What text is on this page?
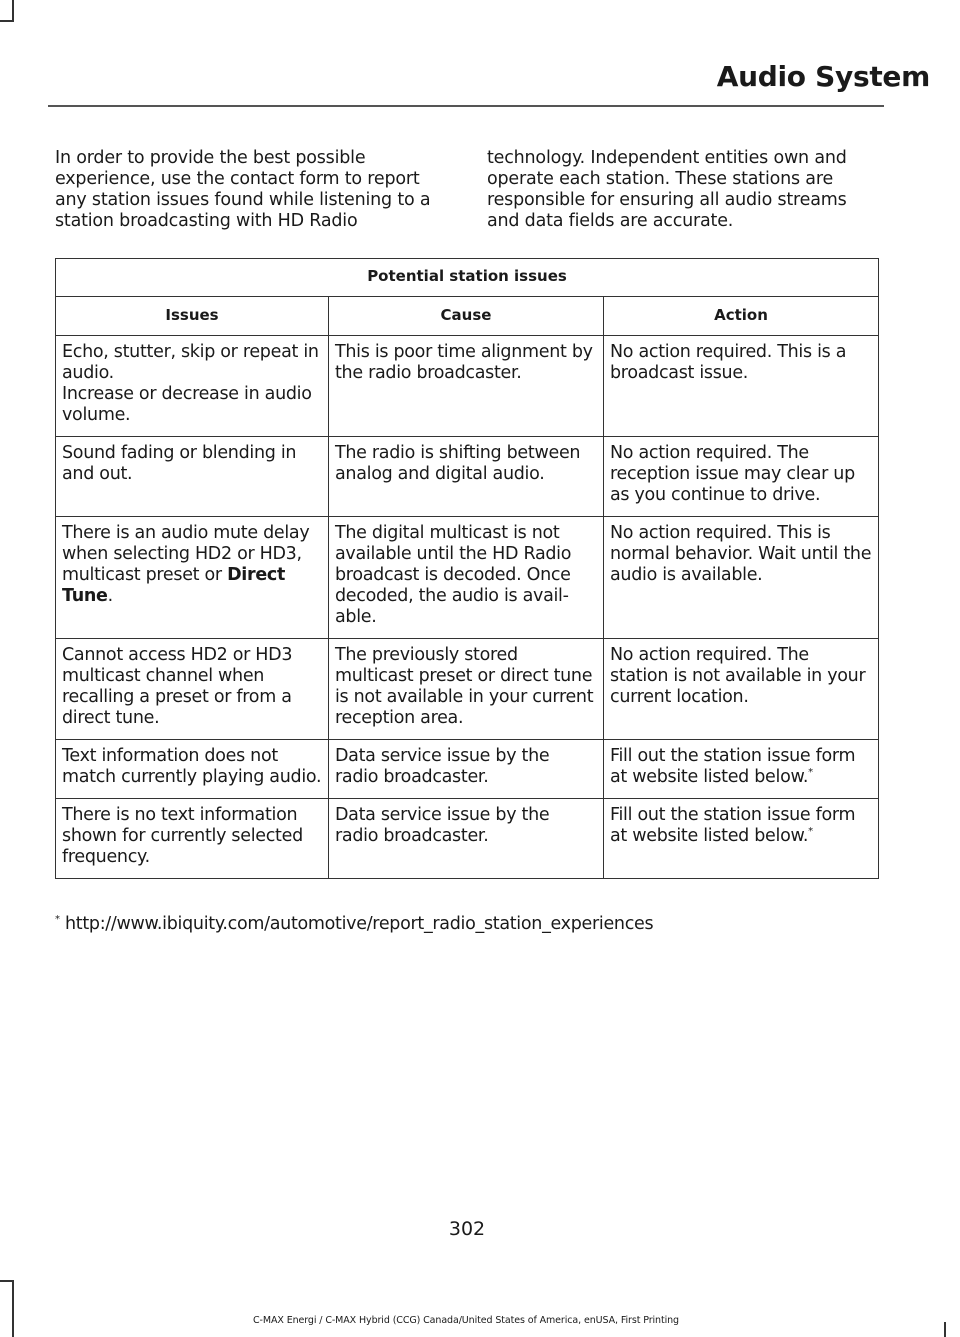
Audio System

In order to provide the best possible experience, use the contact form to report any station issues found while listening to a station broadcasting with HD Radio

technology. Independent entities own and operate each station. These stations are responsible for ensuring all audio streams and data fields are accurate.

Potential station issues		
Issues	Cause	Action

Echo, stutter, skip or repeat in audio.
Increase or decrease in audio volume.	This is poor time alignment by the radio broadcaster.	No action required. This is a broadcast issue.

Sound fading or blending in and out.	The radio is shifting between analog and digital audio.	No action required. The reception issue may clear up as you continue to drive.
There is an audio mute delay when selecting HD2 or HD3, multicast preset or Direct Tune.	The digital multicast is not available until the HD Radio broadcast is decoded. Once decoded, the audio is avail-able.	No action required. This is normal behavior. Wait until the audio is available.

Cannot access HD2 or HD3 multicast channel when recalling a preset or from a direct tune.	The previously stored multicast preset or direct tune is not available in your current reception area.	No action required. The station is not available in your current location.

Text information does not match currently playing audio.	Data service issue by the radio broadcaster.	Fill out the station issue form at website listed below.*

There is no text information shown for currently selected frequency.	Data service issue by the radio broadcaster.	Fill out the station issue form at website listed below.*
* http://www.ibiquity.com/automotive/report_radio_station_experiences
302
C-MAX Energi / C-MAX Hybrid (CCG) Canada/United States of America, enUSA, First Printing
